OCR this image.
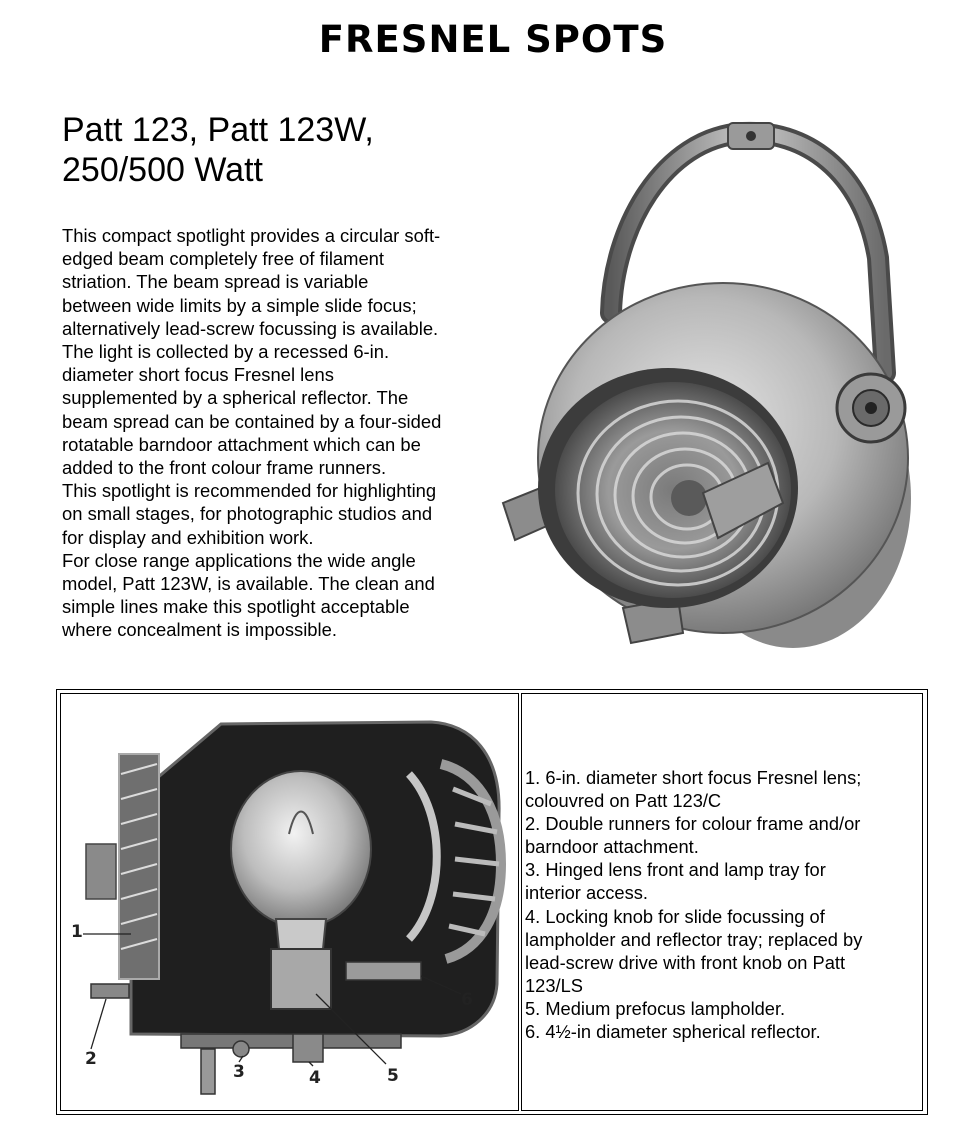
FRESNEL SPOTS
Patt 123, Patt 123W,
250/500 Watt

This compact spotlight provides a circular soft-

edged beam completely free of filament

striation. The beam spread is variable

between wide limits by a simple slide focus;

alternatively lead-screw focussing is available.

The light is collected by a recessed 6-in.

diameter short focus Fresnel lens

supplemented by a spherical reflector. The

beam spread can be contained by a four-sided

rotatable barndoor attachment which can be

added to the front colour frame runners.

This spotlight is recommended for highlighting

on small stages, for photographic studios and

for display and exhibition work.

For close range applications the wide angle

model, Patt 123W, is available. The clean and

simple lines make this spotlight acceptable

where concealment is impossible.

1
2
3	4	5
6
1. 6-in. diameter short focus Fresnel lens;
colouvred on Patt 123/C
2. Double runners for colour frame and/or
barndoor attachment.
3. Hinged lens front and lamp tray for
interior access.
4. Locking knob for slide focussing of
lampholder and reflector tray; replaced by
lead-screw drive with front knob on Patt
123/LS
5. Medium prefocus lampholder.
6. 4½-in diameter spherical reflector.
